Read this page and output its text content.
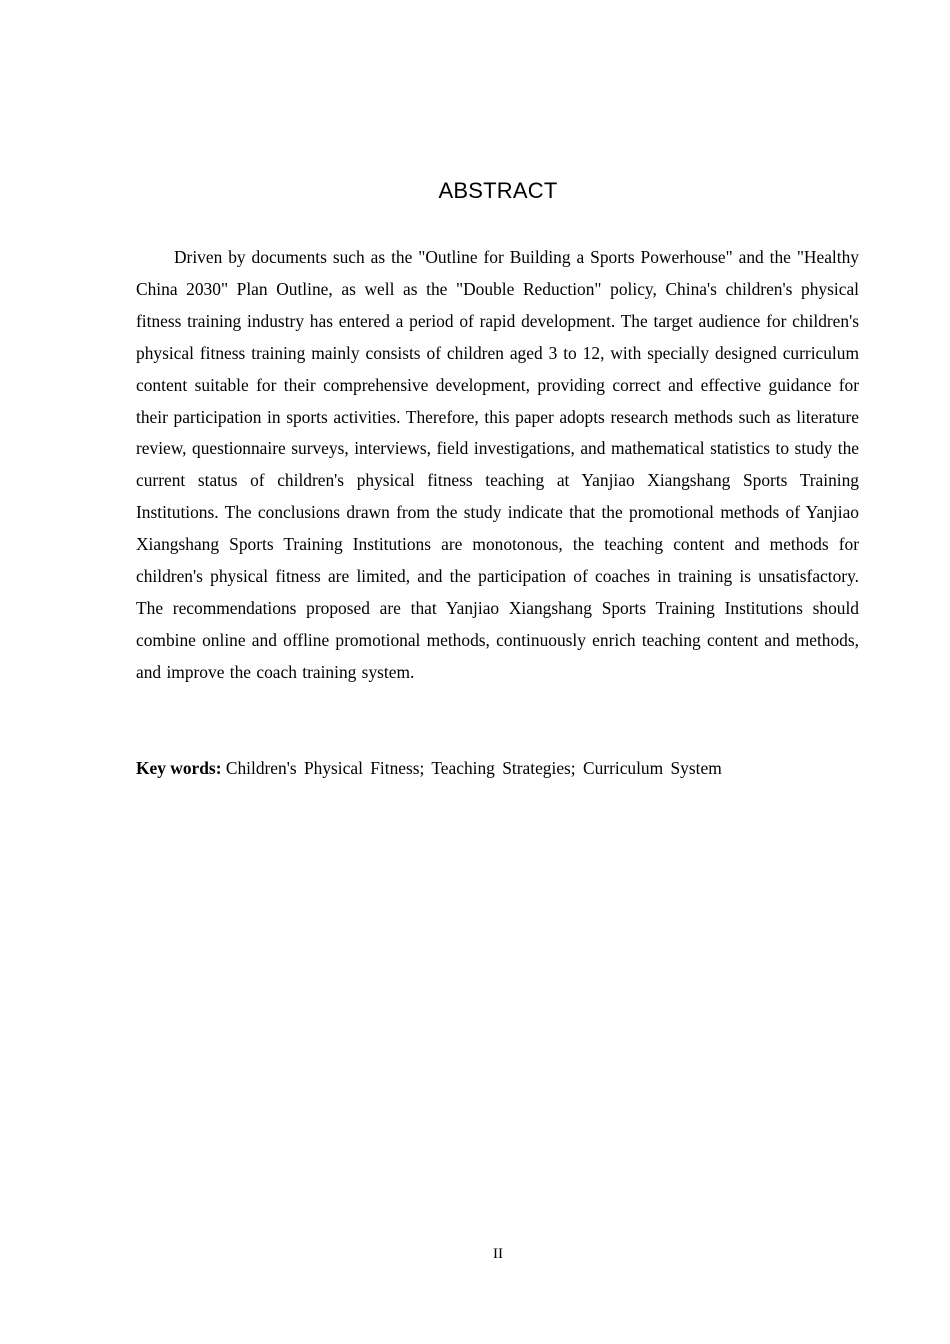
ABSTRACT

Driven by documents such as the "Outline for Building a Sports Powerhouse" and the "Healthy China 2030" Plan Outline, as well as the "Double Reduction" policy, China's children's physical fitness training industry has entered a period of rapid development. The target audience for children's physical fitness training mainly consists of children aged 3 to 12, with specially designed curriculum content suitable for their comprehensive development, providing correct and effective guidance for their participation in sports activities. Therefore, this paper adopts research methods such as literature review, questionnaire surveys, interviews, field investigations, and mathematical statistics to study the current status of children's physical fitness teaching at Yanjiao Xiangshang Sports Training Institutions. The conclusions drawn from the study indicate that the promotional methods of Yanjiao Xiangshang Sports Training Institutions are monotonous, the teaching content and methods for children's physical fitness are limited, and the participation of coaches in training is unsatisfactory. The recommendations proposed are that Yanjiao Xiangshang Sports Training Institutions should combine online and offline promotional methods, continuously enrich teaching content and methods, and improve the coach training system.

Key words: Children's Physical Fitness; Teaching Strategies; Curriculum System

II
